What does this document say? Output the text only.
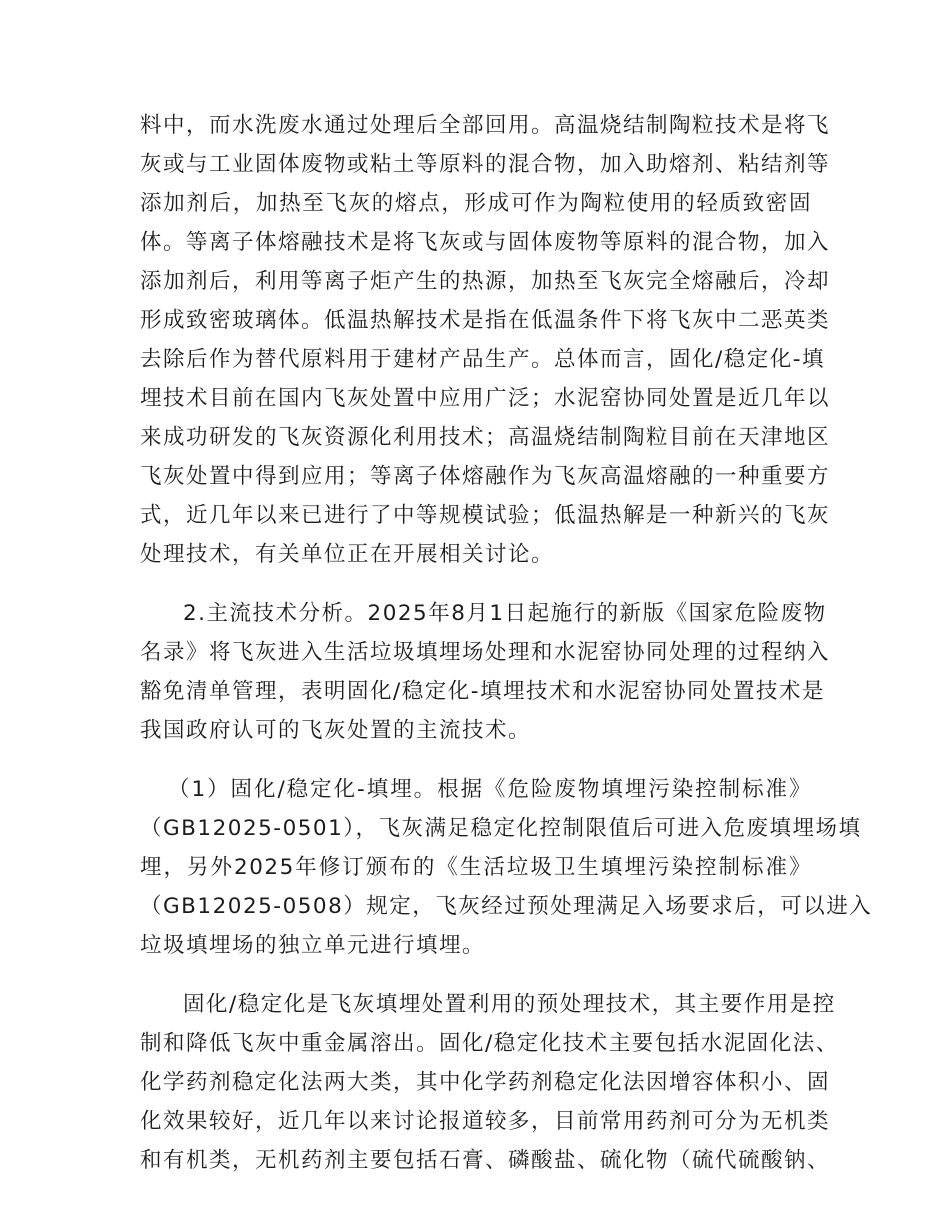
料中，而水洗废水通过处理后全部回用。高温烧结制陶粒技术是将飞
灰或与工业固体废物或粘土等原料的混合物，加入助熔剂、粘结剂等
添加剂后，加热至飞灰的熔点，形成可作为陶粒使用的轻质致密固
体。等离子体熔融技术是将飞灰或与固体废物等原料的混合物，加入
添加剂后，利用等离子炬产生的热源，加热至飞灰完全熔融后，冷却
形成致密玻璃体。低温热解技术是指在低温条件下将飞灰中二恶英类
去除后作为替代原料用于建材产品生产。总体而言，固化/稳定化-填
埋技术目前在国内飞灰处置中应用广泛；水泥窑协同处置是近几年以
来成功研发的飞灰资源化利用技术；高温烧结制陶粒目前在天津地区
飞灰处置中得到应用；等离子体熔融作为飞灰高温熔融的一种重要方
式，近几年以来已进行了中等规模试验；低温热解是一种新兴的飞灰
处理技术，有关单位正在开展相关讨论。
2.主流技术分析。2025年8月1日起施行的新版《国家危险废物
名录》将飞灰进入生活垃圾填埋场处理和水泥窑协同处理的过程纳入
豁免清单管理，表明固化/稳定化-填埋技术和水泥窑协同处置技术是
我国政府认可的飞灰处置的主流技术。
（1）固化/稳定化-填埋。根据《危险废物填埋污染控制标准》
（GB12025-0501），飞灰满足稳定化控制限值后可进入危废填埋场填
埋，另外2025年修订颁布的《生活垃圾卫生填埋污染控制标准》
（GB12025-0508）规定，飞灰经过预处理满足入场要求后，可以进入
垃圾填埋场的独立单元进行填埋。
固化/稳定化是飞灰填埋处置利用的预处理技术，其主要作用是控
制和降低飞灰中重金属溶出。固化/稳定化技术主要包括水泥固化法、
化学药剂稳定化法两大类，其中化学药剂稳定化法因增容体积小、固
化效果较好，近几年以来讨论报道较多，目前常用药剂可分为无机类
和有机类，无机药剂主要包括石膏、磷酸盐、硫化物（硫代硫酸钠、
